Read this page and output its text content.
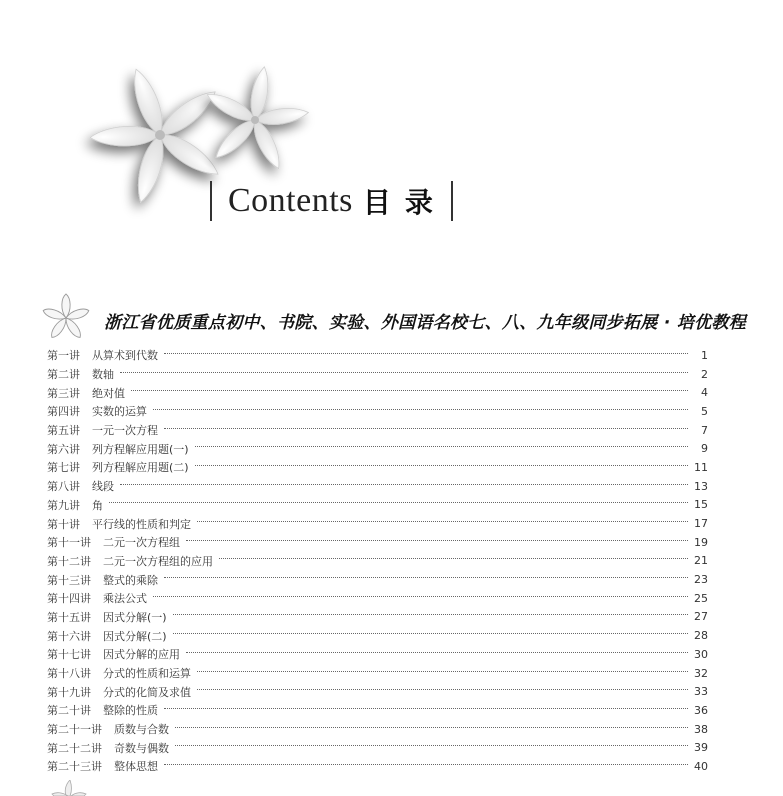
Contents 目录
浙江省优质重点初中、书院、实验、外国语名校七、八、九年级同步拓展 · 培优教程
第一讲 从算术到代数	1
第二讲 数轴	2
第三讲 绝对值	4
第四讲 实数的运算	5
第五讲 一元一次方程	7
第六讲 列方程解应用题(一)	9
第七讲 列方程解应用题(二)	11
第八讲 线段	13
第九讲 角	15
第十讲 平行线的性质和判定	17
第十一讲 二元一次方程组	19
第十二讲 二元一次方程组的应用	21
第十三讲 整式的乘除	23
第十四讲 乘法公式	25
第十五讲 因式分解(一)	27
第十六讲 因式分解(二)	28
第十七讲 因式分解的应用	30
第十八讲 分式的性质和运算	32
第十九讲 分式的化简及求值	33
第二十讲 整除的性质	36
第二十一讲 质数与合数	38
第二十二讲 奇数与偶数	39
第二十三讲 整体思想	40
